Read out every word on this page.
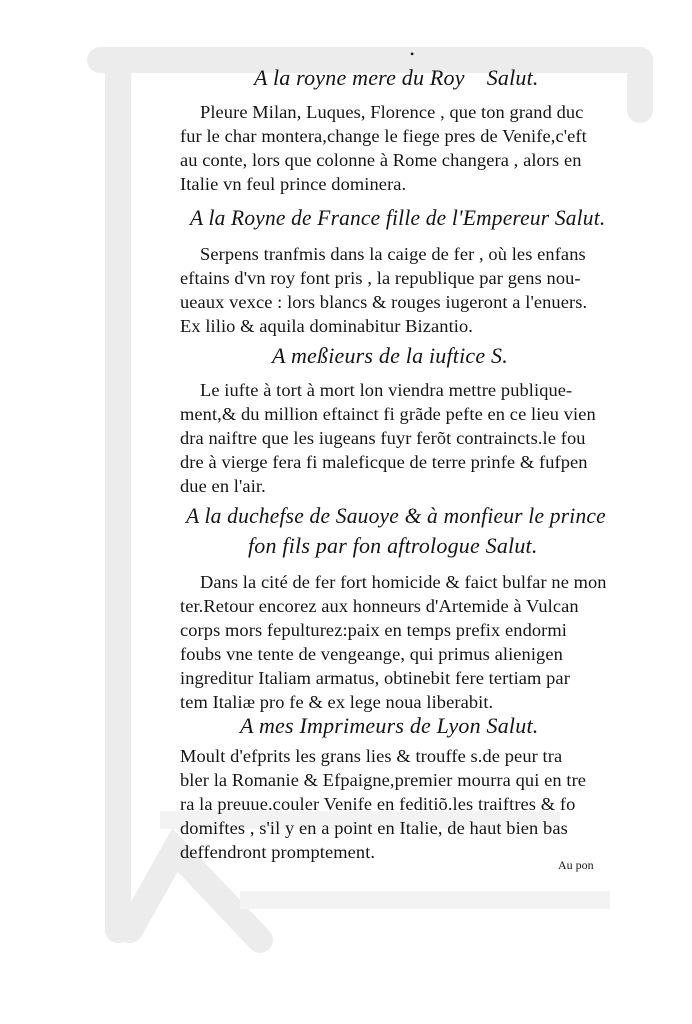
•
A la royne mere du Roy Salut.
Pleure Milan, Luques, Florence , que ton grand duc
fur le char montera,change le fiege pres de Venife,c'eft
au conte, lors que colonne à Rome changera , alors en
Italie vn feul prince dominera.
A la Royne de France fille de l'Empereur Salut.
Serpens tranfmis dans la caige de fer , où les enfans
eftains d'vn roy font pris , la republique par gens nou-
ueaux vexce : lors blancs & rouges iugeront a l'enuers.
Ex lilio & aquila dominabitur Bizantio.
A meßieurs de la iuftice S.
Le iufte à tort à mort lon viendra mettre publique-
ment,& du million eftainct fi grãde pefte en ce lieu vien
dra naiftre que les iugeans fuyr ferõt contraincts.le fou
dre à vierge fera fi maleficque de terre prinfe & fufpen
due en l'air.
A la duchefse de Sauoye & à monfieur le prince
fon fils par fon aftrologue Salut.
Dans la cité de fer fort homicide & faict bulfar ne mon
ter.Retour encorez aux honneurs d'Artemide à Vulcan
corps mors fepulturez:paix en temps prefix endormi
foubs vne tente de vengeange, qui primus alienigen
ingreditur Italiam armatus, obtinebit fere tertiam par
tem Italiæ pro fe & ex lege noua liberabit.
A mes Imprimeurs de Lyon Salut.
Moult d'efprits les grans lies & trouffe s.de peur tra
bler la Romanie & Efpaigne,premier mourra qui en tre
ra la preuue.couler Venife en feditiõ.les traiftres & fo
domiftes , s'il y en a point en Italie, de haut bien bas
deffendront promptement.
Au pon
